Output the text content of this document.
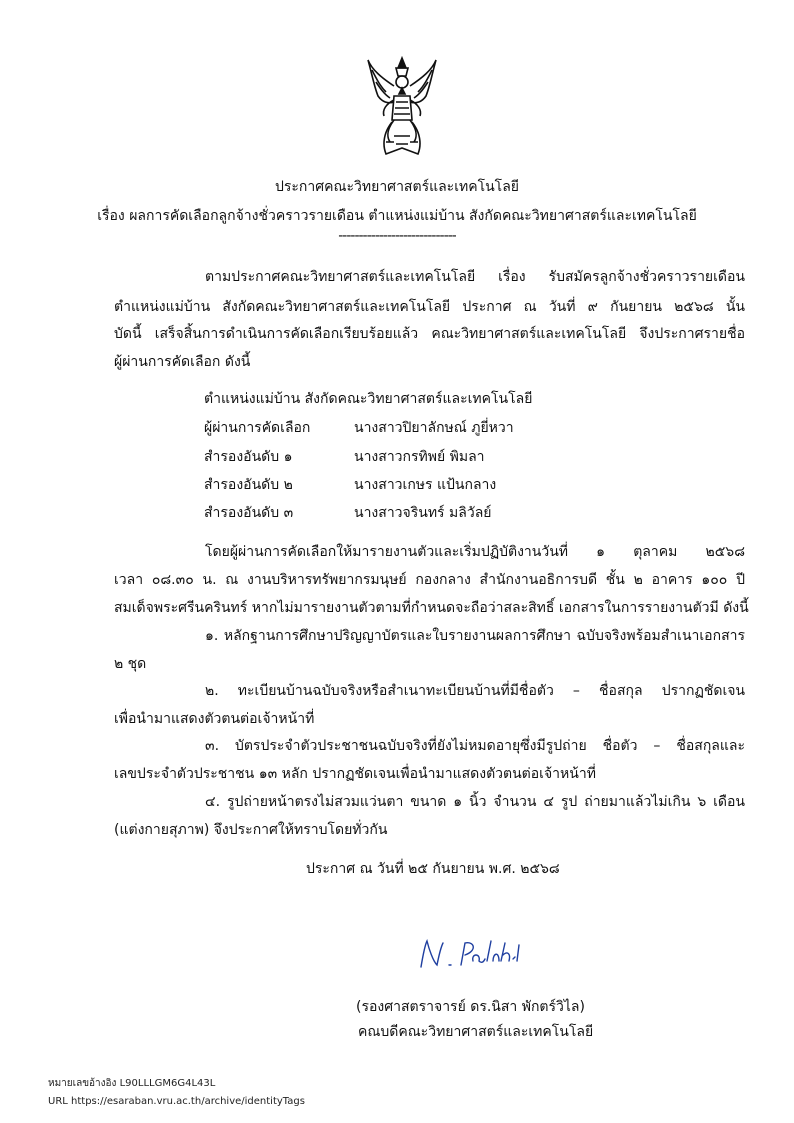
ประกาศคณะวิทยาศาสตร์และเทคโนโลยี
เรื่อง ผลการคัดเลือกลูกจ้างชั่วคราวรายเดือน ตำแหน่งแม่บ้าน สังกัดคณะวิทยาศาสตร์และเทคโนโลยี
-----------------------------
ตามประกาศคณะวิทยาศาสตร์และเทคโนโลยี เรื่อง รับสมัครลูกจ้างชั่วคราวรายเดือน
ตำแหน่งแม่บ้าน สังกัดคณะวิทยาศาสตร์และเทคโนโลยี ประกาศ ณ วันที่ ๙ กันยายน ๒๕๖๘ นั้น
บัดนี้ เสร็จสิ้นการดำเนินการคัดเลือกเรียบร้อยแล้ว คณะวิทยาศาสตร์และเทคโนโลยี จึงประกาศรายชื่อ
ผู้ผ่านการคัดเลือก ดังนี้
ตำแหน่งแม่บ้าน สังกัดคณะวิทยาศาสตร์และเทคโนโลยี
ผู้ผ่านการคัดเลือก	นางสาวปิยาลักษณ์ ภูยี่หวา
สำรองอันดับ ๑	นางสาวกรทิพย์ พิมลา
สำรองอันดับ ๒	นางสาวเกษร แป้นกลาง
สำรองอันดับ ๓	นางสาวจรินทร์ มลิวัลย์
โดยผู้ผ่านการคัดเลือกให้มารายงานตัวและเริ่มปฏิบัติงานวันที่ ๑ ตุลาคม ๒๕๖๘
เวลา ๐๘.๓๐ น. ณ งานบริหารทรัพยากรมนุษย์ กองกลาง สำนักงานอธิการบดี ชั้น ๒ อาคาร ๑๐๐ ปี
สมเด็จพระศรีนครินทร์ หากไม่มารายงานตัวตามที่กำหนดจะถือว่าสละสิทธิ์ เอกสารในการรายงานตัวมี ดังนี้
๑. หลักฐานการศึกษาปริญญาบัตรและใบรายงานผลการศึกษา ฉบับจริงพร้อมสำเนาเอกสาร
๒ ชุด
๒. ทะเบียนบ้านฉบับจริงหรือสำเนาทะเบียนบ้านที่มีชื่อตัว – ชื่อสกุล ปรากฏชัดเจน
เพื่อนำมาแสดงตัวตนต่อเจ้าหน้าที่
๓. บัตรประจำตัวประชาชนฉบับจริงที่ยังไม่หมดอายุซึ่งมีรูปถ่าย ชื่อตัว – ชื่อสกุลและ
เลขประจำตัวประชาชน ๑๓ หลัก ปรากฏชัดเจนเพื่อนำมาแสดงตัวตนต่อเจ้าหน้าที่
๔. รูปถ่ายหน้าตรงไม่สวมแว่นตา ขนาด ๑ นิ้ว จำนวน ๔ รูป ถ่ายมาแล้วไม่เกิน ๖ เดือน
(แต่งกายสุภาพ) จึงประกาศให้ทราบโดยทั่วกัน
ประกาศ ณ วันที่ ๒๕ กันยายน พ.ศ. ๒๕๖๘
(รองศาสตราจารย์ ดร.นิสา พักตร์วิไล)
คณบดีคณะวิทยาศาสตร์และเทคโนโลยี
หมายเลขอ้างอิง L90LLLGM6G4L43L
URL https://esaraban.vru.ac.th/archive/identityTags
